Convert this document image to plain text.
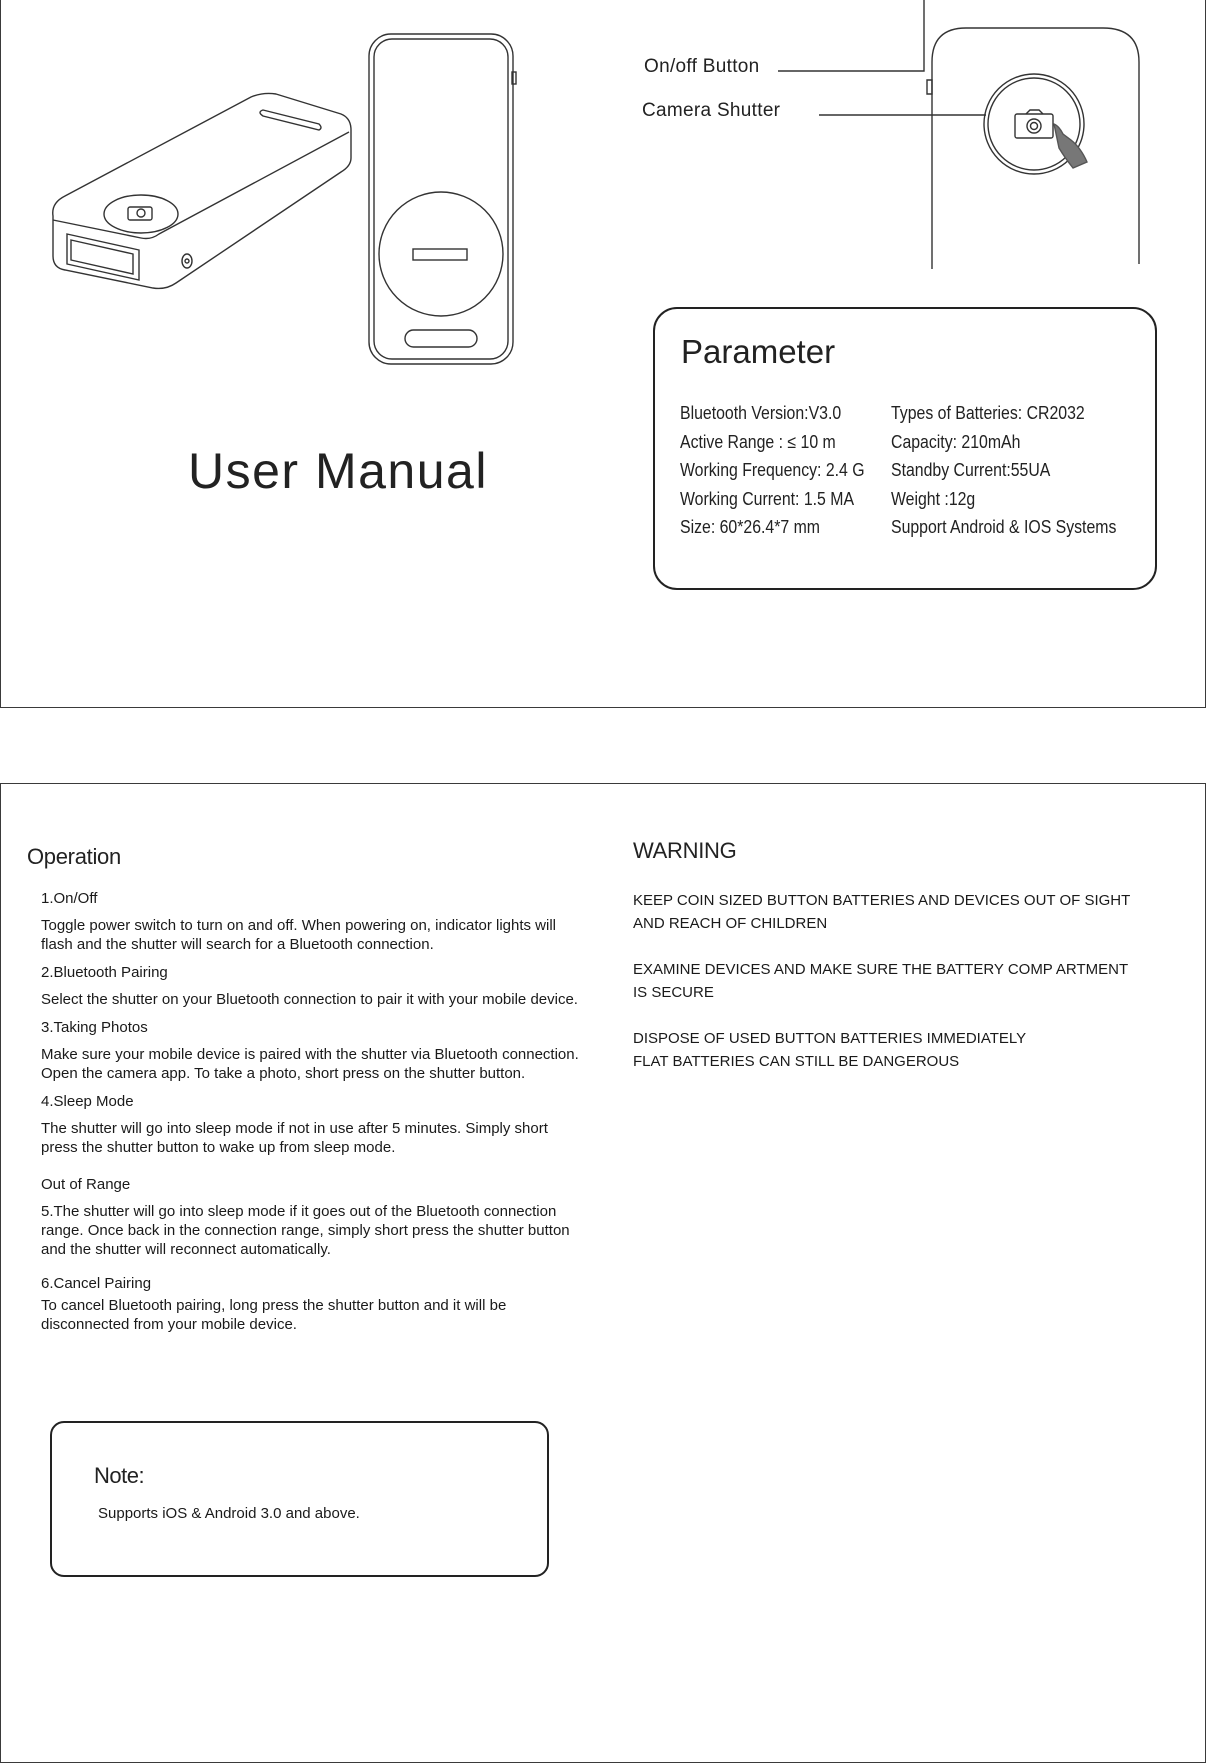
On/off Button
Camera Shutter
User Manual
Parameter
Bluetooth Version:V3.0
Active Range : ≤ 10 m
Working Frequency: 2.4 G
Working Current: 1.5 MA
Size: 60*26.4*7 mm
Types of Batteries: CR2032
Capacity: 210mAh
Standby Current:55UA
Weight :12g
Support Android & IOS Systems
Operation
1.On/Off
Toggle power switch to turn on and off. When powering on, indicator lights will flash and the shutter will search for a Bluetooth connection.
2.Bluetooth Pairing
Select the shutter on your Bluetooth connection to pair it with your mobile device.
3.Taking Photos
Make sure your mobile device is paired with the shutter via Bluetooth connection. Open the camera app. To take a photo, short press on the shutter button.
4.Sleep Mode
The shutter will go into sleep mode if not in use after 5 minutes. Simply short press the shutter button to wake up from sleep mode.
Out of Range
5.The shutter will go into sleep mode if it goes out of the Bluetooth connection range. Once back in the connection range, simply short press the shutter button and the shutter will reconnect automatically.
6.Cancel Pairing
To cancel Bluetooth pairing, long press the shutter button and it will be disconnected from your mobile device.
WARNING
KEEP COIN SIZED BUTTON BATTERIES AND DEVICES OUT OF SIGHT
AND REACH OF CHILDREN
EXAMINE DEVICES AND MAKE SURE THE BATTERY COMP ARTMENT
IS SECURE
DISPOSE OF USED BUTTON BATTERIES IMMEDIATELY
FLAT BATTERIES CAN STILL BE DANGEROUS
Note:
Supports iOS & Android 3.0 and above.
